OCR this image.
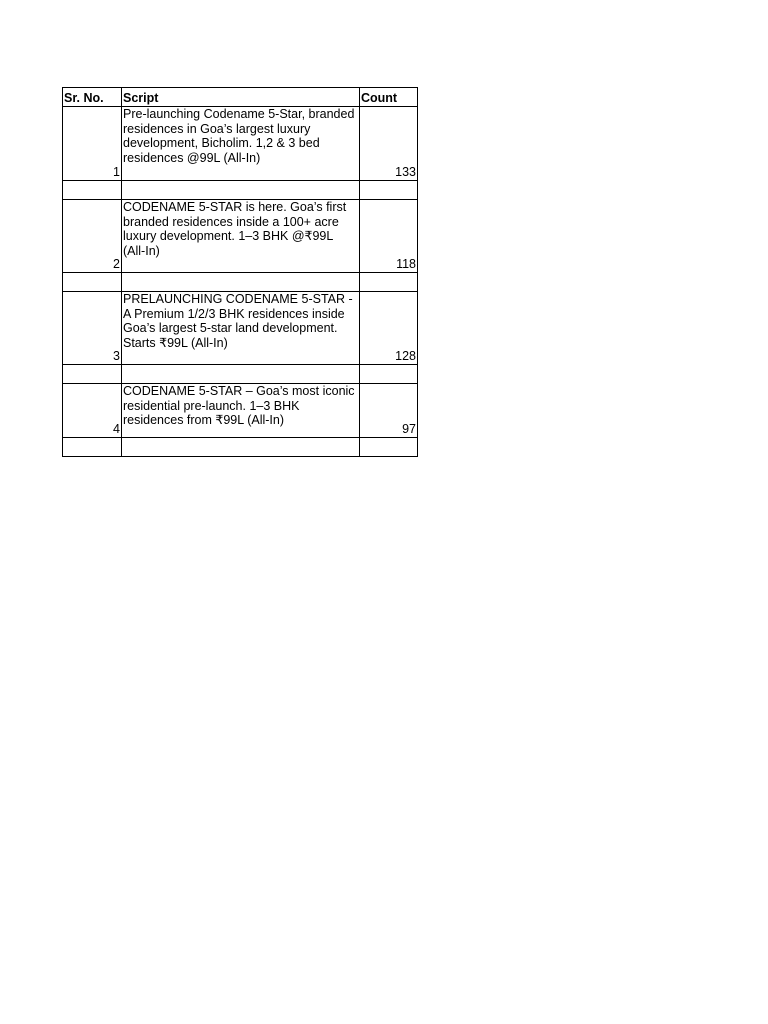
Sr. No.	Script	Count
1	Pre-launching Codename 5-Star, branded residences in Goa’s largest luxury development, Bicholim. 1,2 & 3 bed residences @99L (All-In)	133

2	CODENAME 5-STAR is here. Goa’s first branded residences inside a 100+ acre luxury development. 1–3 BHK @₹99L (All-In)	118

3	PRELAUNCHING CODENAME 5-STAR - A Premium 1/2/3 BHK residences inside Goa’s largest 5-star land development. Starts ₹99L (All-In)	128

4	CODENAME 5-STAR – Goa’s most iconic residential pre-launch. 1–3 BHK residences from ₹99L (All-In)	97
